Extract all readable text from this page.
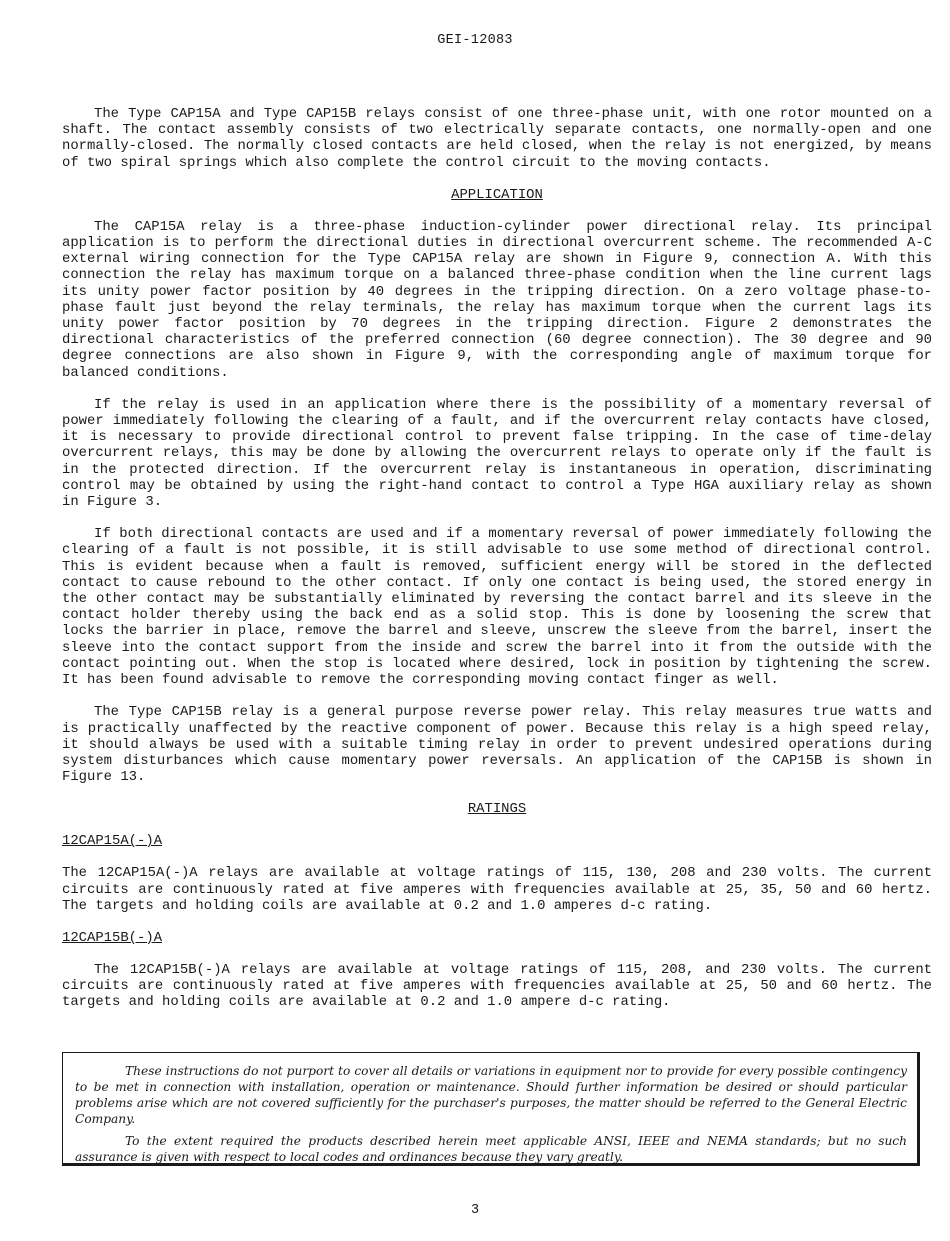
GEI-12083

The Type CAP15A and Type CAP15B relays consist of one three-phase unit, with one rotor mounted on a shaft. The contact assembly consists of two electrically separate contacts, one normally-open and one normally-closed. The normally closed contacts are held closed, when the relay is not energized, by means of two spiral springs which also complete the control circuit to the moving contacts.

APPLICATION

The CAP15A relay is a three-phase induction-cylinder power directional relay. Its principal application is to perform the directional duties in directional overcurrent scheme. The recommended A-C external wiring connection for the Type CAP15A relay are shown in Figure 9, connection A. With this connection the relay has maximum torque on a balanced three-phase condition when the line current lags its unity power factor position by 40 degrees in the tripping direction. On a zero voltage phase-to-phase fault just beyond the relay terminals, the relay has maximum torque when the current lags its unity power factor position by 70 degrees in the tripping direction. Figure 2 demonstrates the directional characteristics of the preferred connection (60 degree connection). The 30 degree and 90 degree connections are also shown in Figure 9, with the corresponding angle of maximum torque for balanced conditions.

If the relay is used in an application where there is the possibility of a momentary reversal of power immediately following the clearing of a fault, and if the overcurrent relay contacts have closed, it is necessary to provide directional control to prevent false tripping. In the case of time-delay overcurrent relays, this may be done by allowing the overcurrent relays to operate only if the fault is in the protected direction. If the overcurrent relay is instantaneous in operation, discriminating control may be obtained by using the right-hand contact to control a Type HGA auxiliary relay as shown in Figure 3.

If both directional contacts are used and if a momentary reversal of power immediately following the clearing of a fault is not possible, it is still advisable to use some method of directional control. This is evident because when a fault is removed, sufficient energy will be stored in the deflected contact to cause rebound to the other contact. If only one contact is being used, the stored energy in the other contact may be substantially eliminated by reversing the contact barrel and its sleeve in the contact holder thereby using the back end as a solid stop. This is done by loosening the screw that locks the barrier in place, remove the barrel and sleeve, unscrew the sleeve from the barrel, insert the sleeve into the contact support from the inside and screw the barrel into it from the outside with the contact pointing out. When the stop is located where desired, lock in position by tightening the screw. It has been found advisable to remove the corresponding moving contact finger as well.

The Type CAP15B relay is a general purpose reverse power relay. This relay measures true watts and is practically unaffected by the reactive component of power. Because this relay is a high speed relay, it should always be used with a suitable timing relay in order to prevent undesired operations during system disturbances which cause momentary power reversals. An application of the CAP15B is shown in Figure 13.

RATINGS
12CAP15A(-)A

The 12CAP15A(-)A relays are available at voltage ratings of 115, 130, 208 and 230 volts. The current circuits are continuously rated at five amperes with frequencies available at 25, 35, 50 and 60 hertz. The targets and holding coils are available at 0.2 and 1.0 amperes d-c rating.

12CAP15B(-)A

The 12CAP15B(-)A relays are available at voltage ratings of 115, 208, and 230 volts. The current circuits are continuously rated at five amperes with frequencies available at 25, 50 and 60 hertz. The targets and holding coils are available at 0.2 and 1.0 ampere d-c rating.

These instructions do not purport to cover all details or variations in equipment nor to provide for every possible contingency to be met in connection with installation, operation or maintenance. Should further information be desired or should particular problems arise which are not covered sufficiently for the purchaser's purposes, the matter should be referred to the General Electric Company.

To the extent required the products described herein meet applicable ANSI, IEEE and NEMA standards; but no such assurance is given with respect to local codes and ordinances because they vary greatly.

3
